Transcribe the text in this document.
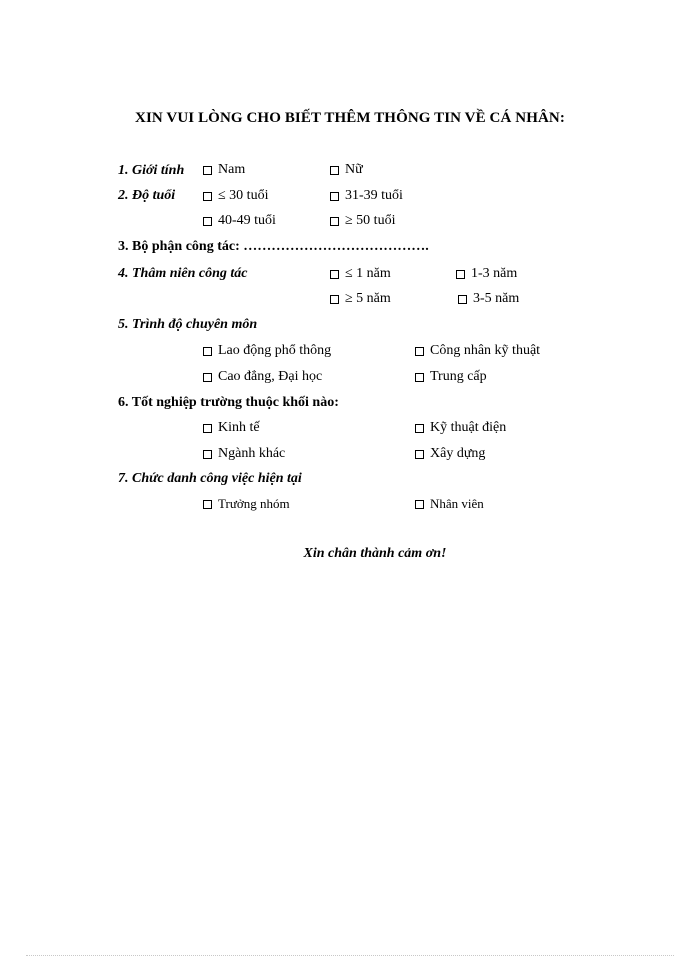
XIN VUI LÒNG CHO BIẾT THÊM THÔNG TIN VỀ CÁ NHÂN:
1. Giới tính Nam	Nữ
2. Độ tuổi	≤ 30 tuổi	31-39 tuổi
40-49 tuổi	≥ 50 tuổi
3. Bộ phận công tác: ………………………………….
4. Thâm niên công tác	≤ 1 năm	1-3 năm
≥ 5 năm	3-5 năm
5. Trình độ chuyên môn
Lao động phổ thông	Công nhân kỹ thuật
Cao đẳng, Đại học	Trung cấp
6. Tốt nghiệp trường thuộc khối nào:
Kinh tế	Kỹ thuật điện
Ngành khác	Xây dựng
7. Chức danh công việc hiện tại
Trưởng nhóm	Nhân viên
Xin chân thành cảm ơn!
